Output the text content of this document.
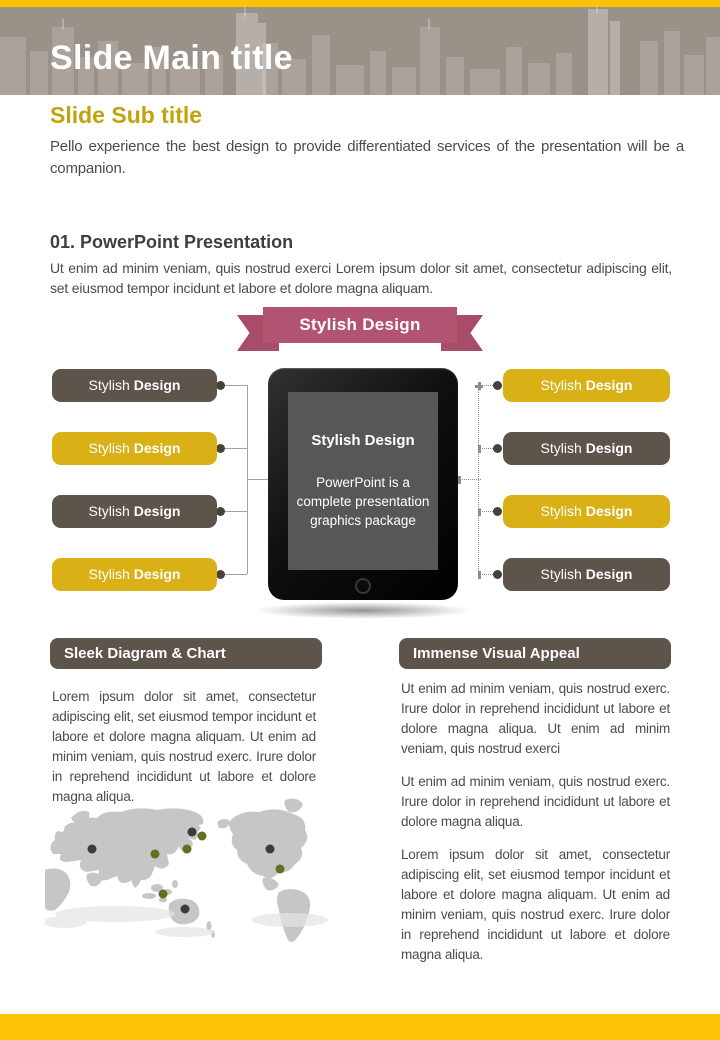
Slide Main title
Slide Sub title
Pello experience the best design to provide differentiated services of the presentation will be a companion.
01. PowerPoint Presentation
Ut enim ad minim veniam, quis nostrud exerci Lorem ipsum dolor sit amet, consectetur adipiscing elit, set eiusmod tempor incidunt et labore et dolore magna aliquam.
Stylish Design
Stylish Design
Stylish Design
Stylish Design
Stylish Design
Stylish Design
Stylish Design
Stylish Design
Stylish Design
Stylish Design
PowerPoint is a complete presentation graphics package
Sleek Diagram & Chart	Immense Visual Appeal

Lorem ipsum dolor sit amet, consectetur adipiscing elit, set eiusmod tempor incidunt et labore et dolore magna aliquam. Ut enim ad minim veniam, quis nostrud exerc. Irure dolor in reprehend incididunt ut labore et dolore magna aliqua.

Ut enim ad minim veniam, quis nostrud exerc. Irure dolor in reprehend incididunt ut labore et dolore magna aliqua. Ut enim ad minim veniam, quis nostrud exerci

Ut enim ad minim veniam, quis nostrud exerc. Irure dolor in reprehend incididunt ut labore et dolore magna aliqua.

Lorem ipsum dolor sit amet, consectetur adipiscing elit, set eiusmod tempor incidunt et labore et dolore magna aliquam. Ut enim ad minim veniam, quis nostrud exerc. Irure dolor in reprehend incididunt ut labore et dolore magna aliqua.
